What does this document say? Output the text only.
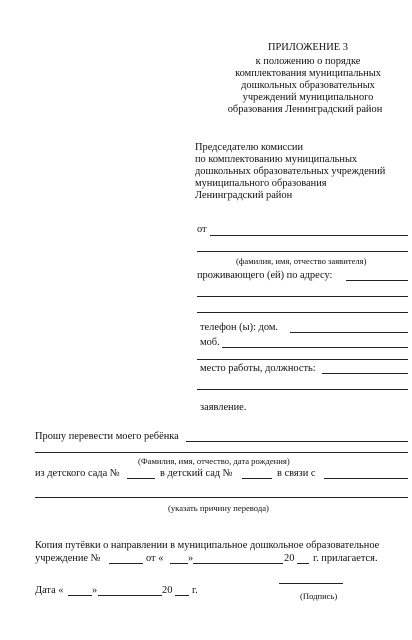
ПРИЛОЖЕНИЕ 3
к положению о порядке
комплектования муниципальных
дошкольных образовательных
учреждений муниципального
образования Ленинградский район
Председателю комиссии
по комплектованию муниципальных
дошкольных образовательных учреждений
муниципального образования
Ленинградский район
от
(фамилия, имя, отчество заявителя)
проживающего (ей) по адресу:
телефон (ы): дом.
моб.
место работы, должность:
заявление.
Прошу перевести моего ребёнка
(Фамилия, имя, отчество, дата рождения)
из детского сада №	в детский сад №	в связи с
(указать причину перевода)
Копия путёвки о направлении в муниципальное дошкольное образовательное
учреждение №	от « »	20 г. прилагается.
Дата «	»	20 г.	(Подпись)
